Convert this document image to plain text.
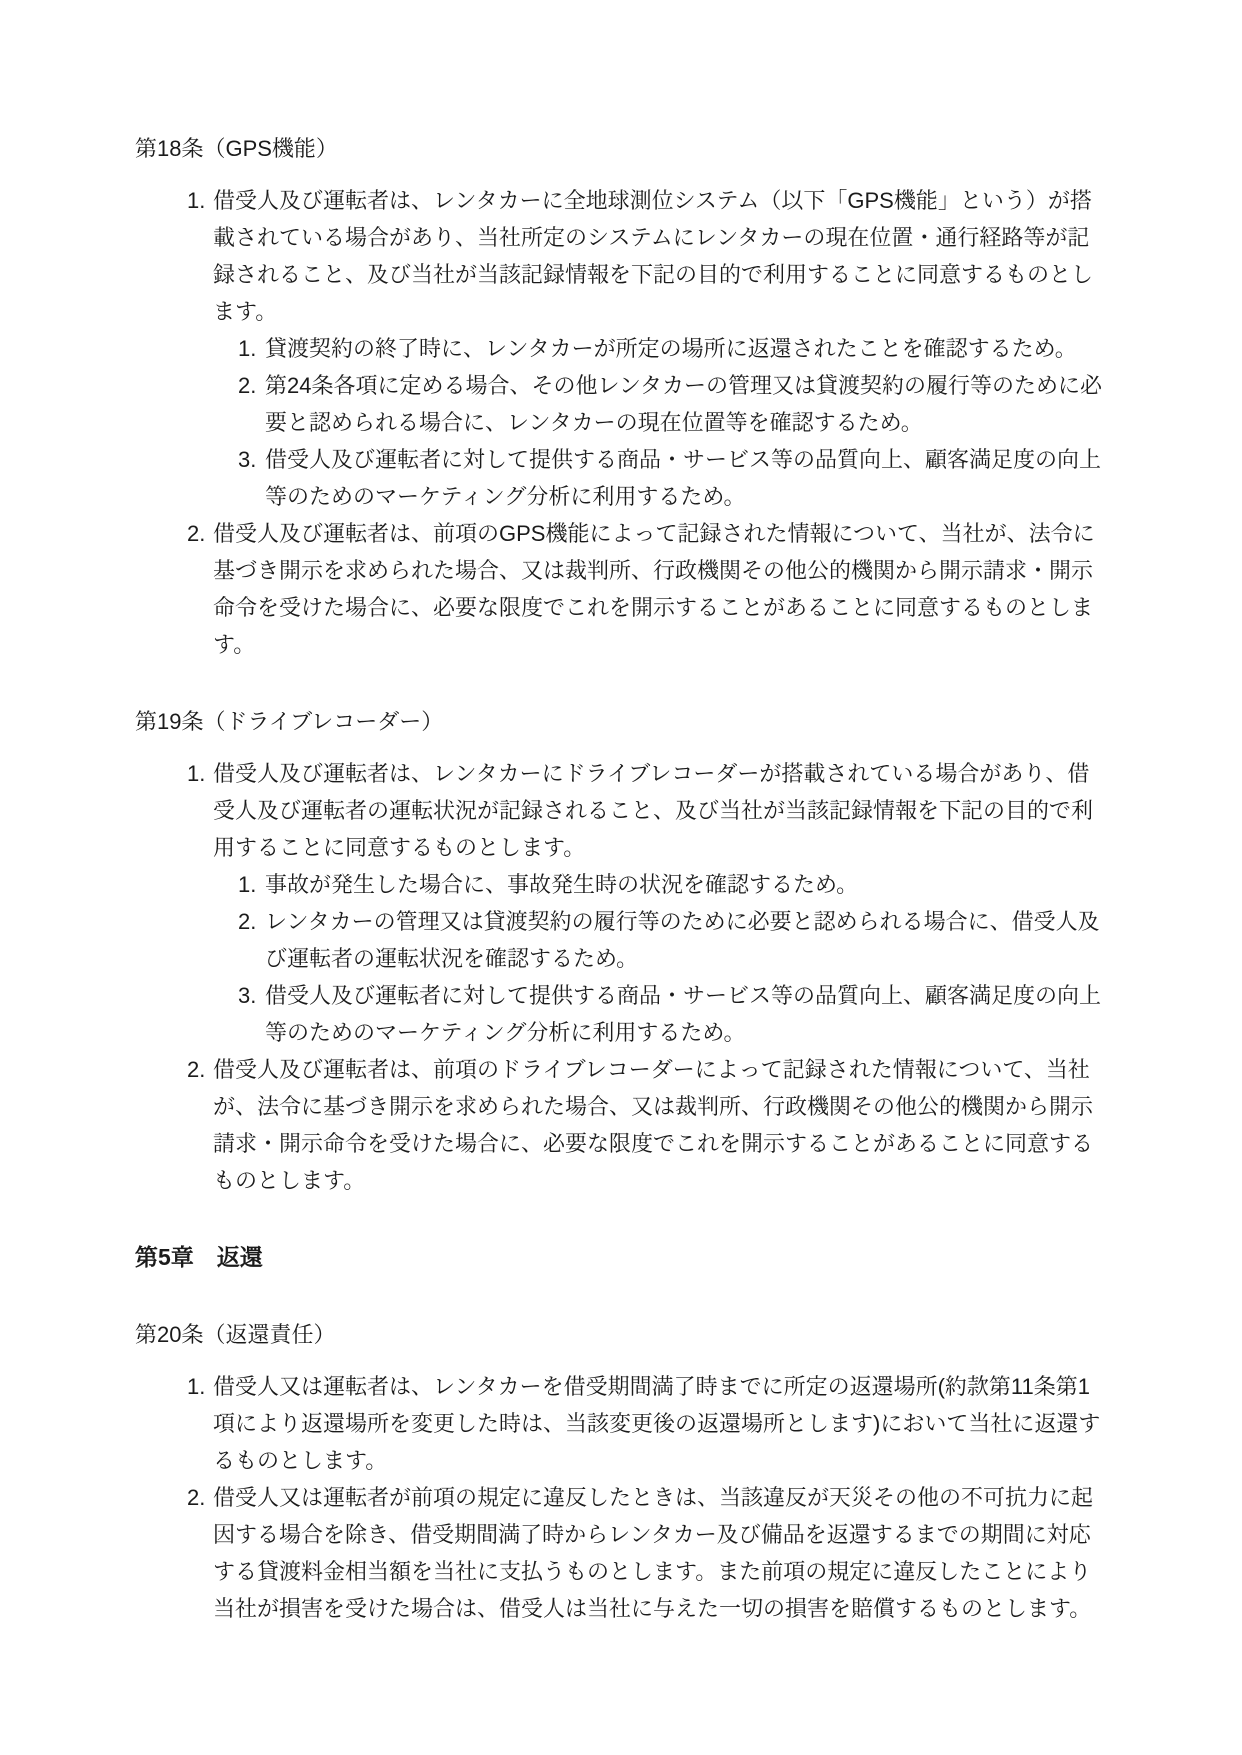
第18条（GPS機能）
1. 借受人及び運転者は、レンタカーに全地球測位システム（以下「GPS機能」という）が搭載されている場合があり、当社所定のシステムにレンタカーの現在位置・通行経路等が記録されること、及び当社が当該記録情報を下記の目的で利用することに同意するものとします。
1. 貸渡契約の終了時に、レンタカーが所定の場所に返還されたことを確認するため。
2. 第24条各項に定める場合、その他レンタカーの管理又は貸渡契約の履行等のために必要と認められる場合に、レンタカーの現在位置等を確認するため。
3. 借受人及び運転者に対して提供する商品・サービス等の品質向上、顧客満足度の向上等のためのマーケティング分析に利用するため。
2. 借受人及び運転者は、前項のGPS機能によって記録された情報について、当社が、法令に基づき開示を求められた場合、又は裁判所、行政機関その他公的機関から開示請求・開示命令を受けた場合に、必要な限度でこれを開示することがあることに同意するものとします。
第19条（ドライブレコーダー）
1. 借受人及び運転者は、レンタカーにドライブレコーダーが搭載されている場合があり、借受人及び運転者の運転状況が記録されること、及び当社が当該記録情報を下記の目的で利用することに同意するものとします。
1. 事故が発生した場合に、事故発生時の状況を確認するため。
2. レンタカーの管理又は貸渡契約の履行等のために必要と認められる場合に、借受人及び運転者の運転状況を確認するため。
3. 借受人及び運転者に対して提供する商品・サービス等の品質向上、顧客満足度の向上等のためのマーケティング分析に利用するため。
2. 借受人及び運転者は、前項のドライブレコーダーによって記録された情報について、当社が、法令に基づき開示を求められた場合、又は裁判所、行政機関その他公的機関から開示請求・開示命令を受けた場合に、必要な限度でこれを開示することがあることに同意するものとします。
第5章　返還
第20条（返還責任）
1. 借受人又は運転者は、レンタカーを借受期間満了時までに所定の返還場所(約款第11条第1項により返還場所を変更した時は、当該変更後の返還場所とします)において当社に返還するものとします。
2. 借受人又は運転者が前項の規定に違反したときは、当該違反が天災その他の不可抗力に起因する場合を除き、借受期間満了時からレンタカー及び備品を返還するまでの期間に対応する貸渡料金相当額を当社に支払うものとします。また前項の規定に違反したことにより当社が損害を受けた場合は、借受人は当社に与えた一切の損害を賠償するものとします。
